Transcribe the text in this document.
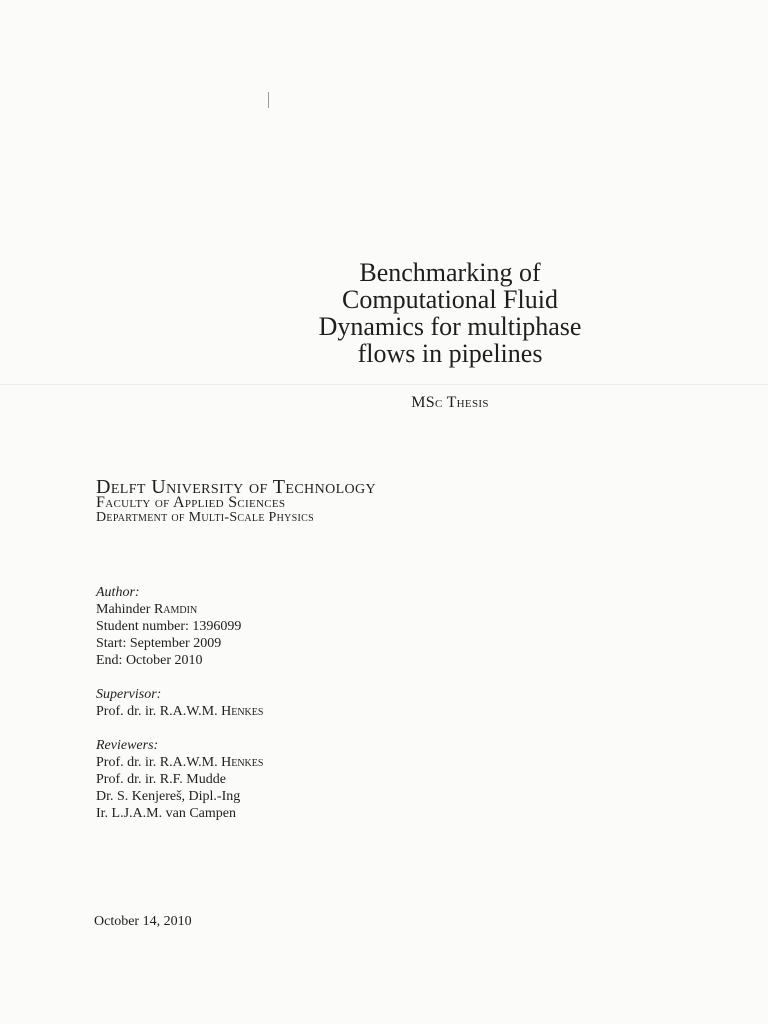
Benchmarking of
Computational Fluid
Dynamics for multiphase
flows in pipelines
MSc Thesis
Delft University of Technology
Faculty of Applied Sciences
Department of Multi-Scale Physics
Author:
Mahinder Ramdin
Student number: 1396099
Start: September 2009
End: October 2010
Supervisor:
Prof. dr. ir. R.A.W.M. Henkes
Reviewers:
Prof. dr. ir. R.A.W.M. Henkes
Prof. dr. ir. R.F. Mudde
Dr. S. Kenjereš, Dipl.-Ing
Ir. L.J.A.M. van Campen
October 14, 2010
